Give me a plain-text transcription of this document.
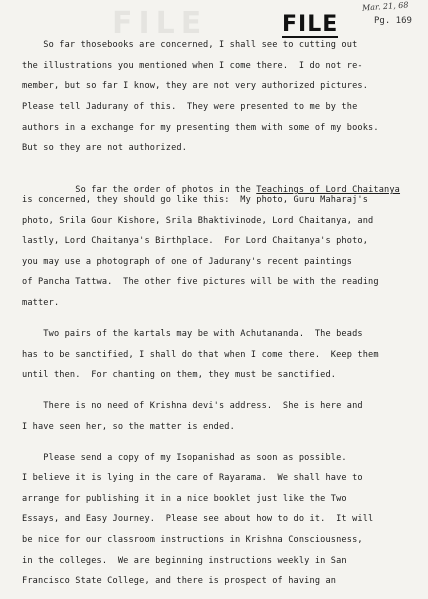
FILE	Mar. 21, 68
FILE	Pg. 169
So far thosebooks are concerned, I shall see to cutting out
the illustrations you mentioned when I come there.  I do not re-
member, but so far I know, they are not very authorized pictures.
Please tell Jadurany of this.  They were presented to me by the
authors in a exchange for my presenting them with some of my books.
But so they are not authorized.

So far the order of photos in the Teachings of Lord Chaitanya

is concerned, they should go like this:  My photo, Guru Maharaj's
photo, Srila Gour Kishore, Srila Bhaktivinode, Lord Chaitanya, and
lastly, Lord Chaitanya's Birthplace.  For Lord Chaitanya's photo,
you may use a photograph of one of Jadurany's recent paintings
of Pancha Tattwa.  The other five pictures will be with the reading
matter.
Two pairs of the kartals may be with Achutananda.  The beads
has to be sanctified, I shall do that when I come there.  Keep them
until then.  For chanting on them, they must be sanctified.
There is no need of Krishna devi's address.  She is here and
I have seen her, so the matter is ended.
Please send a copy of my Isopanishad as soon as possible.
I believe it is lying in the care of Rayarama.  We shall have to
arrange for publishing it in a nice booklet just like the Two
Essays, and Easy Journey.  Please see about how to do it.  It will
be nice for our classroom instructions in Krishna Consciousness,
in the colleges.  We are beginning instructions weekly in San
Francisco State College, and there is prospect of having an
